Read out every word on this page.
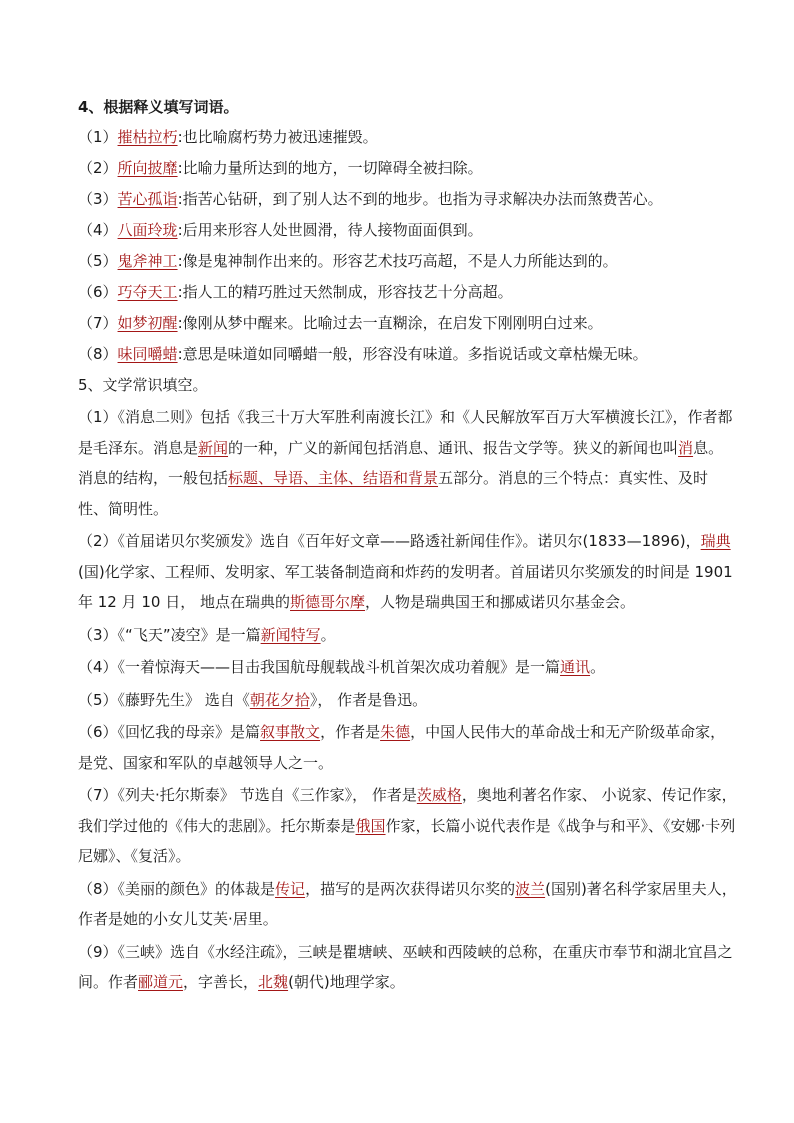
4、根据释义填写词语。
（1）摧枯拉朽:也比喻腐朽势力被迅速摧毁。
（2）所向披靡:比喻力量所达到的地方，一切障碍全被扫除。
（3）苦心孤诣:指苦心钻研，到了别人达不到的地步。也指为寻求解决办法而煞费苦心。
（4）八面玲珑:后用来形容人处世圆滑，待人接物面面俱到。
（5）鬼斧神工:像是鬼神制作出来的。形容艺术技巧高超，不是人力所能达到的。
（6）巧夺天工:指人工的精巧胜过天然制成，形容技艺十分高超。
（7）如梦初醒:像刚从梦中醒来。比喻过去一直糊涂，在启发下刚刚明白过来。
（8）味同嚼蜡:意思是味道如同嚼蜡一般，形容没有味道。多指说话或文章枯燥无味。
5、文学常识填空。
（1）《消息二则》包括《我三十万大军胜利南渡长江》和《人民解放军百万大军横渡长江》，作者都是毛泽东。消息是新闻的一种，广义的新闻包括消息、通讯、报告文学等。狭义的新闻也叫消息。消息的结构，一般包括标题、导语、主体、结语和背景五部分。消息的三个特点：真实性、及时性、简明性。
（2）《首届诺贝尔奖颁发》选自《百年好文章——路透社新闻佳作》。诺贝尔(1833—1896)，瑞典(国)化学家、工程师、发明家、军工装备制造商和炸药的发明者。首届诺贝尔奖颁发的时间是 1901 年 12 月 10 日， 地点在瑞典的斯德哥尔摩，人物是瑞典国王和挪威诺贝尔基金会。
（3）《“飞天”凌空》是一篇新闻特写。
（4）《一着惊海天——目击我国航母舰载战斗机首架次成功着舰》是一篇通讯。
（5）《藤野先生》 选自《朝花夕拾》， 作者是鲁迅。
（6）《回忆我的母亲》是篇叙事散文，作者是朱德，中国人民伟大的革命战士和无产阶级革命家，是党、国家和军队的卓越领导人之一。
（7）《列夫·托尔斯泰》 节选自《三作家》， 作者是茨威格，奥地利著名作家、 小说家、传记作家， 我们学过他的《伟大的悲剧》。托尔斯泰是俄国作家，长篇小说代表作是《战争与和平》、《安娜·卡列尼娜》、《复活》。
（8）《美丽的颜色》的体裁是传记，描写的是两次获得诺贝尔奖的波兰(国别)著名科学家居里夫人，作者是她的小女儿艾芙·居里。
（9）《三峡》选自《水经注疏》，三峡是瞿塘峡、巫峡和西陵峡的总称，在重庆市奉节和湖北宜昌之间。作者郦道元，字善长，北魏(朝代)地理学家。
